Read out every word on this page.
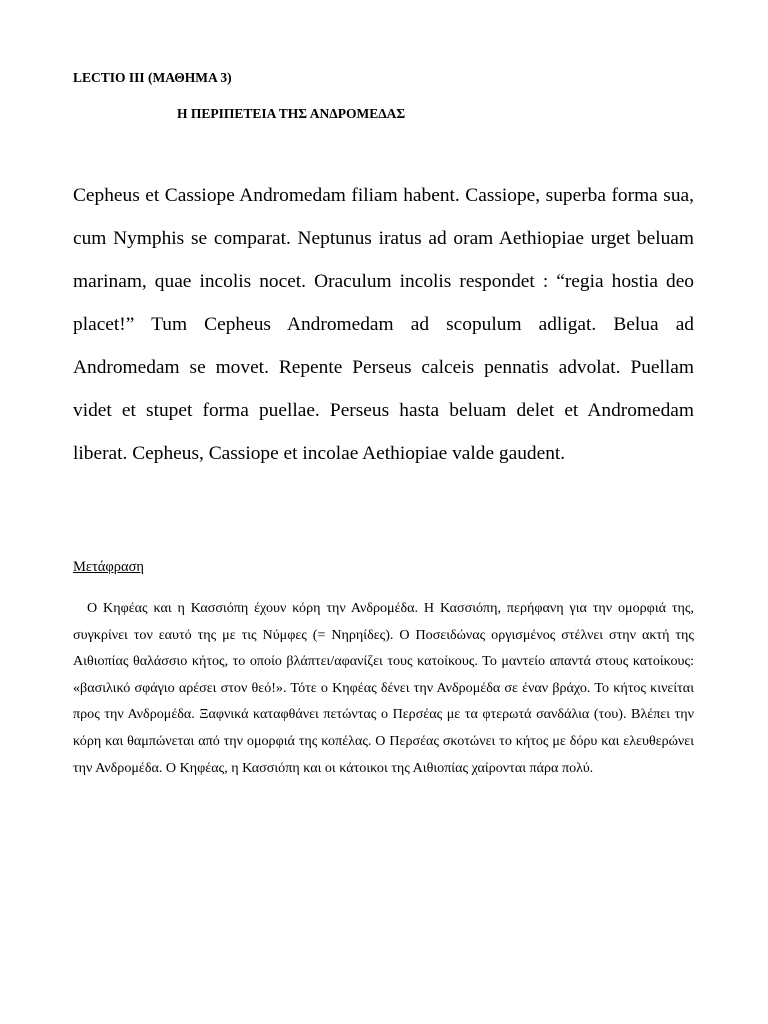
LECTIO III (ΜΑΘΗΜΑ 3)
Η ΠΕΡΙΠΕΤΕΙΑ ΤΗΣ ΑΝΔΡΟΜΕΔΑΣ

Cepheus et Cassiope Andromedam filiam habent. Cassiope, superba forma sua, cum Nymphis se comparat. Neptunus iratus ad oram Aethiopiae urget beluam marinam, quae incolis nocet. Oraculum incolis respondet : “regia hostia deo placet!” Tum Cepheus Andromedam ad scopulum adligat. Belua ad Andromedam se movet. Repente Perseus calceis pennatis advolat. Puellam videt et stupet forma puellae. Perseus hasta beluam delet et Andromedam liberat. Cepheus, Cassiope et incolae Aethiopiae valde gaudent.

Μετάφραση

Ο Κηφέας και η Κασσιόπη έχουν κόρη την Ανδρομέδα. Η Κασσιόπη, περήφανη για την ομορφιά της, συγκρίνει τον εαυτό της με τις Νύμφες (= Νηρηίδες). Ο Ποσειδώνας οργισμένος στέλνει στην ακτή της Αιθιοπίας θαλάσσιο κήτος, το οποίο βλάπτει/αφανίζει τους κατοίκους. Το μαντείο απαντά στους κατοίκους: «βασιλικό σφάγιο αρέσει στον θεό!». Τότε ο Κηφέας δένει την Ανδρομέδα σε έναν βράχο. Το κήτος κινείται προς την Ανδρομέδα. Ξαφνικά καταφθάνει πετώντας ο Περσέας με τα φτερωτά σανδάλια (του). Βλέπει την κόρη και θαμπώνεται από την ομορφιά της κοπέλας. Ο Περσέας σκοτώνει το κήτος με δόρυ και ελευθερώνει την Ανδρομέδα. Ο Κηφέας, η Κασσιόπη και οι κάτοικοι της Αιθιοπίας χαίρονται πάρα πολύ.
